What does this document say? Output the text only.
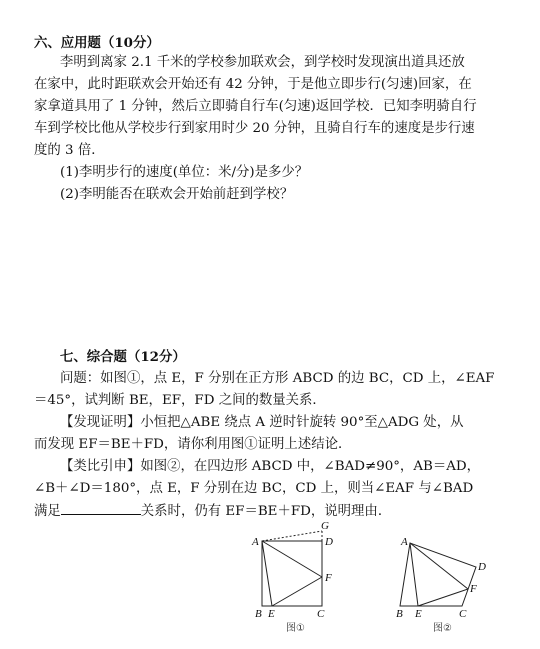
六、应用题（10分）
李明到离家 2.1 千米的学校参加联欢会，到学校时发现演出道具还放
在家中，此时距联欢会开始还有 42 分钟，于是他立即步行(匀速)回家，在
家拿道具用了 1 分钟，然后立即骑自行车(匀速)返回学校．已知李明骑自行
车到学校比他从学校步行到家用时少 20 分钟，且骑自行车的速度是步行速
度的 3 倍．
(1)李明步行的速度(单位：米/分)是多少？
(2)李明能否在联欢会开始前赶到学校？
七、综合题（12分）
问题：如图①，点 E，F 分别在正方形 ABCD 的边 BC，CD 上，∠EAF
＝45°，试判断 BE，EF，FD 之间的数量关系．
【发现证明】小恒把△ABE 绕点 A 逆时针旋转 90°至△ADG 处，从
而发现 EF＝BE＋FD，请你利用图①证明上述结论．
【类比引申】如图②，在四边形 ABCD 中，∠BAD≠90°，AB＝AD，
∠B＋∠D＝180°，点 E，F 分别在边 BC，CD 上，则当∠EAF 与∠BAD
满足	关系时，仍有 EF＝BE＋FD，说明理由．
A
B E	C
D
F
G
图①
A
B E	C
D
F
图②
